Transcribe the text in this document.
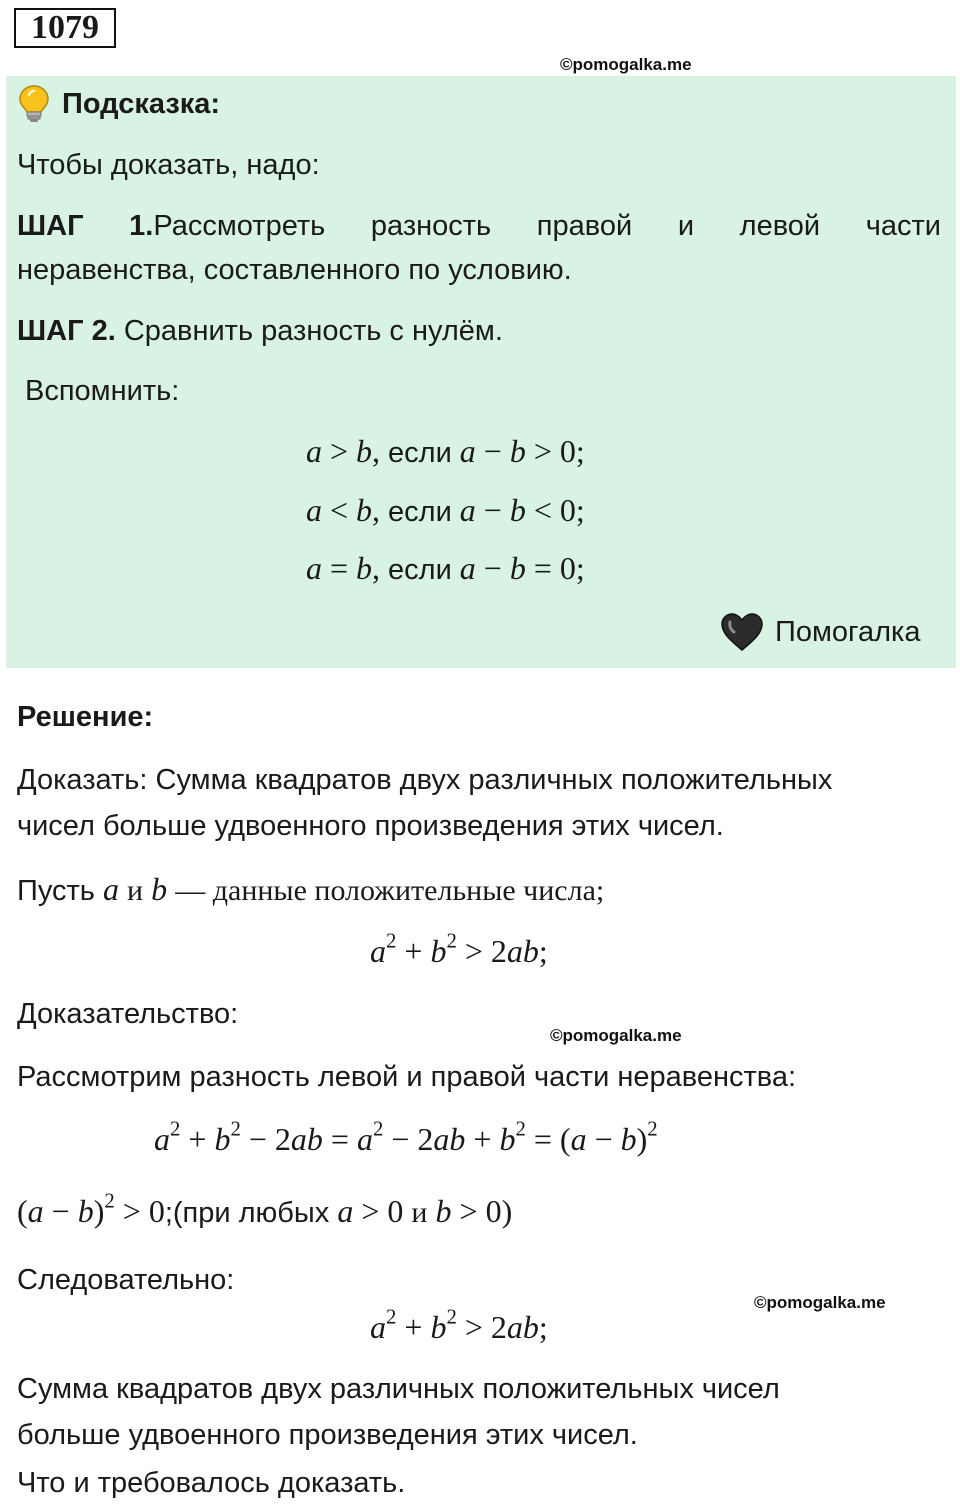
1079
©pomogalka.me
Подсказка:
Чтобы доказать, надо:
ШАГ 1.Рассмотреть разность правой и левой части
неравенства, составленного по условию.
ШАГ 2. Сравнить разность с нулём.
Вспомнить:
a > b, если a − b > 0;
a < b, если a − b < 0;
a = b, если a − b = 0;
Помогалка
Решение:
Доказать: Сумма квадратов двух различных положительных
чисел больше удвоенного произведения этих чисел.
Пусть a и b — данные положительные числа;
$a^2 + b^2 > 2ab$;
Доказательство:
©pomogalka.me
Рассмотрим разность левой и правой части неравенства:
$a^2 + b^2 - 2ab = a^2 - 2ab + b^2 = (a - b)^2$
$(a - b)^2$ > 0;(при любых a > 0 и b > 0)
Следовательно:
©pomogalka.me
$a^2 + b^2 > 2ab$;
Сумма квадратов двух различных положительных чисел
больше удвоенного произведения этих чисел.
Что и требовалось доказать.
